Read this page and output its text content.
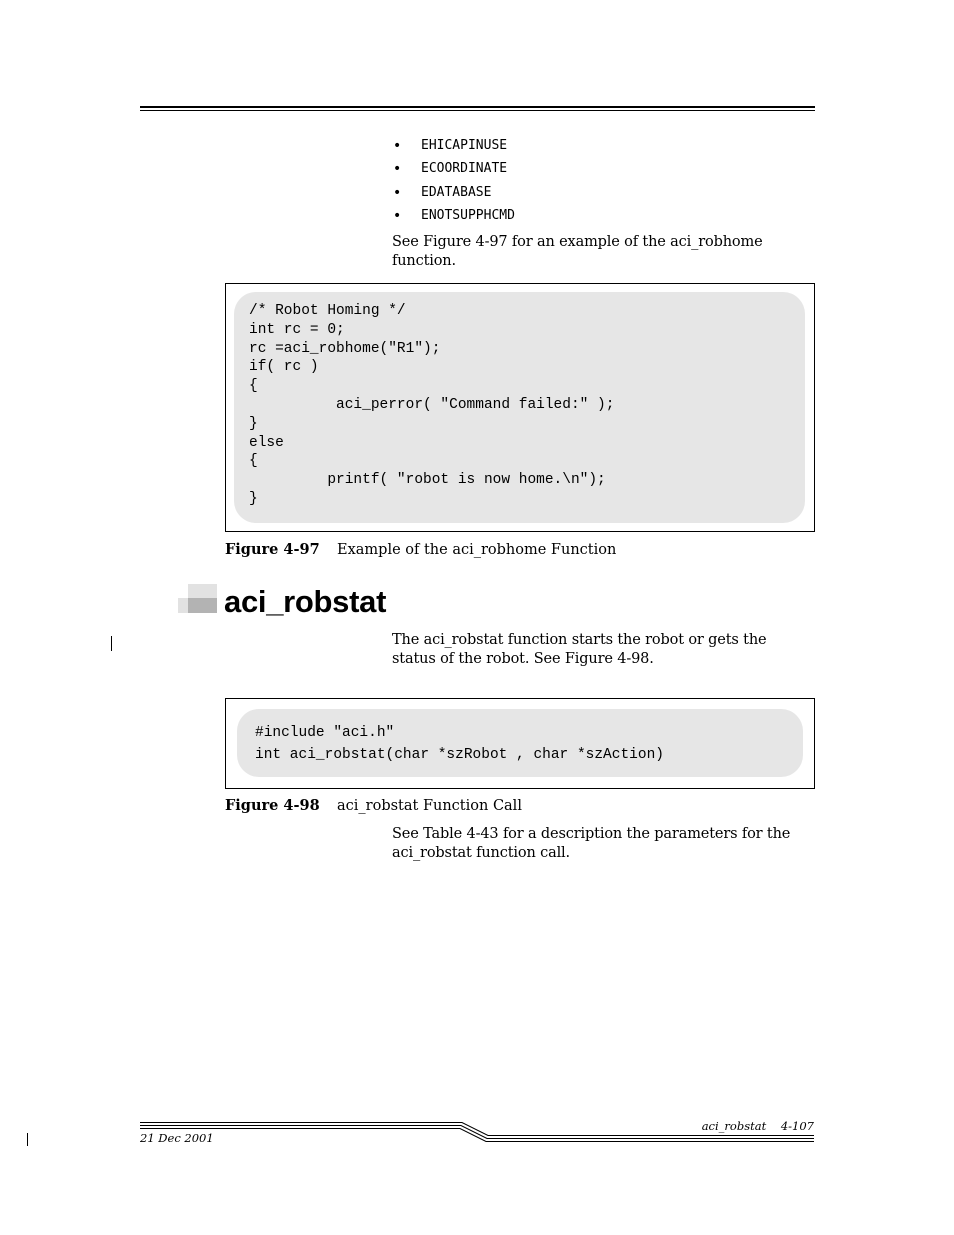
• EHICAPINUSE
• ECOORDINATE
• EDATABASE
• ENOTSUPPHCMD
See Figure 4-97 for an example of the aci_robhome function.
/* Robot Homing */
int rc = 0;
rc =aci_robhome("R1");
if( rc )
{
aci_perror( "Command failed:" );
}
else
{
printf( "robot is now home.\n");
}
Figure 4-97 Example of the aci_robhome Function
aci_robstat
The aci_robstat function starts the robot or gets the status of the robot. See Figure 4-98.
#include "aci.h"
int aci_robstat(char *szRobot , char *szAction)
Figure 4-98 aci_robstat Function Call
See Table 4-43 for a description the parameters for the aci_robstat function call.
aci_robstat 4-107
21 Dec 2001
